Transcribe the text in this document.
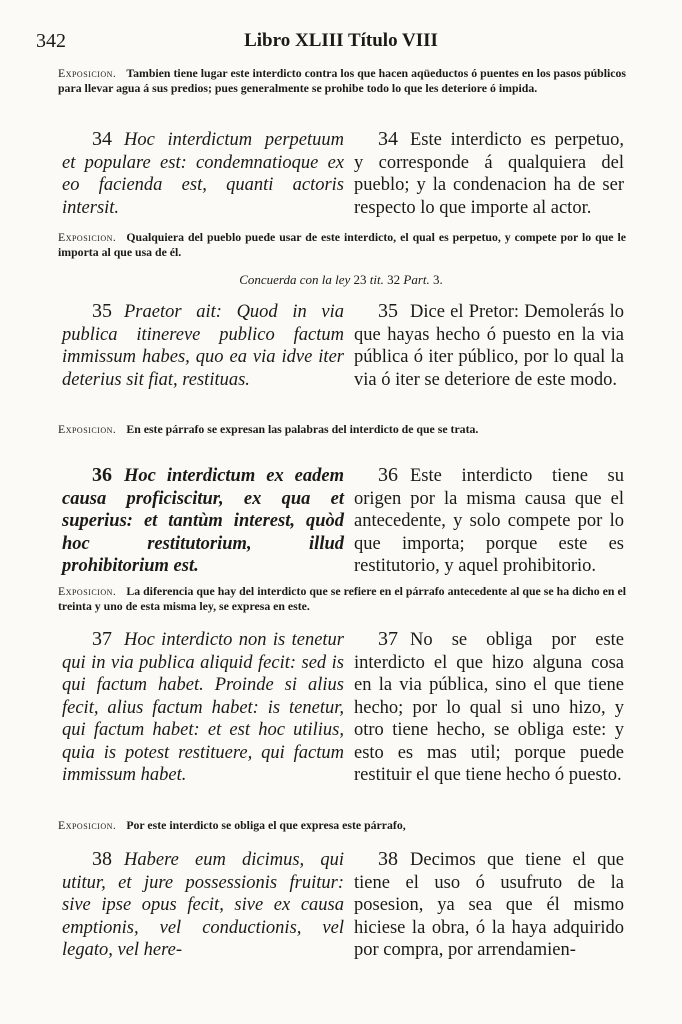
342	Libro XLIII Título VIII
Exposicion. Tambien tiene lugar este interdicto contra los que hacen aqüeductos ó puentes en los pasos públicos para llevar agua á sus predios; pues generalmente se prohibe todo lo que les deteriore ó impida.
34 Hoc interdictum perpetuum et populare est: condemnatioque ex eo facienda est, quanti actoris intersit.
34 Este interdicto es perpetuo, y corresponde á qualquiera del pueblo; y la condenacion ha de ser respecto lo que importe al actor.
Exposicion. Qualquiera del pueblo puede usar de este interdicto, el qual es perpetuo, y compete por lo que le importa al que usa de él.
Concuerda con la ley 23 tit. 32 Part. 3.
35 Praetor ait: Quod in via publica itinereve publico factum immissum habes, quo ea via idve iter deterius sit fiat, restituas.
35 Dice el Pretor: Demolerás lo que hayas hecho ó puesto en la via pública ó iter público, por lo qual la via ó iter se deteriore de este modo.
Exposicion. En este párrafo se expresan las palabras del interdicto de que se trata.
36 Hoc interdictum ex eadem causa proficiscitur, ex qua et superius: et tantùm interest, quòd hoc restitutorium, illud prohibitorium est.
36 Este interdicto tiene su origen por la misma causa que el antecedente, y solo compete por lo que importa; porque este es restitutorio, y aquel prohibitorio.
Exposicion. La diferencia que hay del interdicto que se refiere en el párrafo antecedente al que se ha dicho en el treinta y uno de esta misma ley, se expresa en este.
37 Hoc interdicto non is tenetur qui in via publica aliquid fecit: sed is qui factum habet. Proinde si alius fecit, alius factum habet: is tenetur, qui factum habet: et est hoc utilius, quia is potest restituere, qui factum immissum habet.
37 No se obliga por este interdicto el que hizo alguna cosa en la via pública, sino el que tiene hecho; por lo qual si uno hizo, y otro tiene hecho, se obliga este: y esto es mas util; porque puede restituir el que tiene hecho ó puesto.
Exposicion. Por este interdicto se obliga el que expresa este párrafo,
38 Habere eum dicimus, qui utitur, et jure possessionis fruitur: sive ipse opus fecit, sive ex causa emptionis, vel conductionis, vel legato, vel here-
38 Decimos que tiene el que tiene el uso ó usufruto de la posesion, ya sea que él mismo hiciese la obra, ó la haya adquirido por compra, por arrendamien-
